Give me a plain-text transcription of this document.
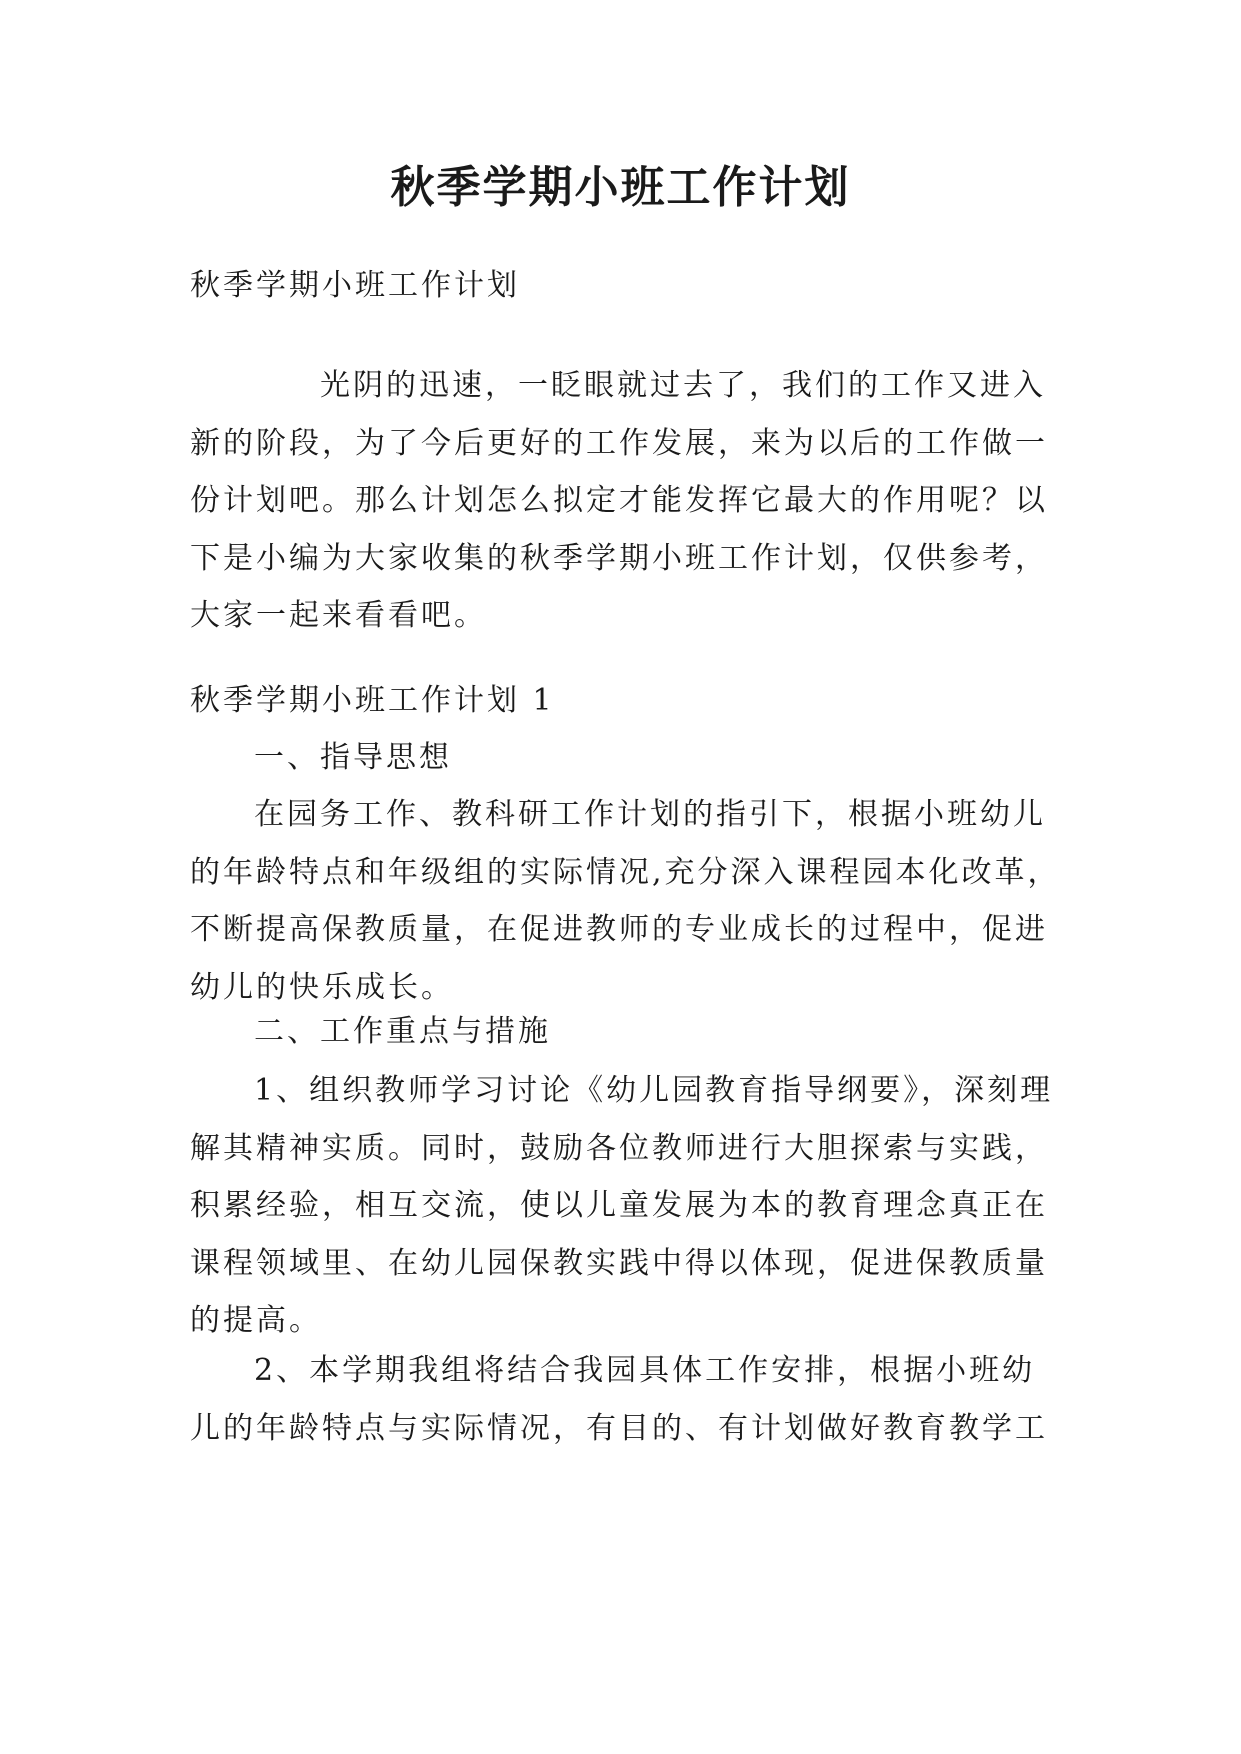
秋季学期小班工作计划

秋季学期小班工作计划

光阴的迅速，一眨眼就过去了，我们的工作又进入
新的阶段，为了今后更好的工作发展，来为以后的工作做一
份计划吧。那么计划怎么拟定才能发挥它最大的作用呢？以
下是小编为大家收集的秋季学期小班工作计划，仅供参考，
大家一起来看看吧。

秋季学期小班工作计划 1

一、指导思想

在园务工作、教科研工作计划的指引下，根据小班幼儿
的年龄特点和年级组的实际情况,充分深入课程园本化改革，
不断提高保教质量，在促进教师的专业成长的过程中，促进
幼儿的快乐成长。

二、工作重点与措施

1、组织教师学习讨论《幼儿园教育指导纲要》，深刻理
解其精神实质。同时，鼓励各位教师进行大胆探索与实践，
积累经验，相互交流，使以儿童发展为本的教育理念真正在
课程领域里、在幼儿园保教实践中得以体现，促进保教质量
的提高。
2、本学期我组将结合我园具体工作安排，根据小班幼
儿的年龄特点与实际情况，有目的、有计划做好教育教学工
